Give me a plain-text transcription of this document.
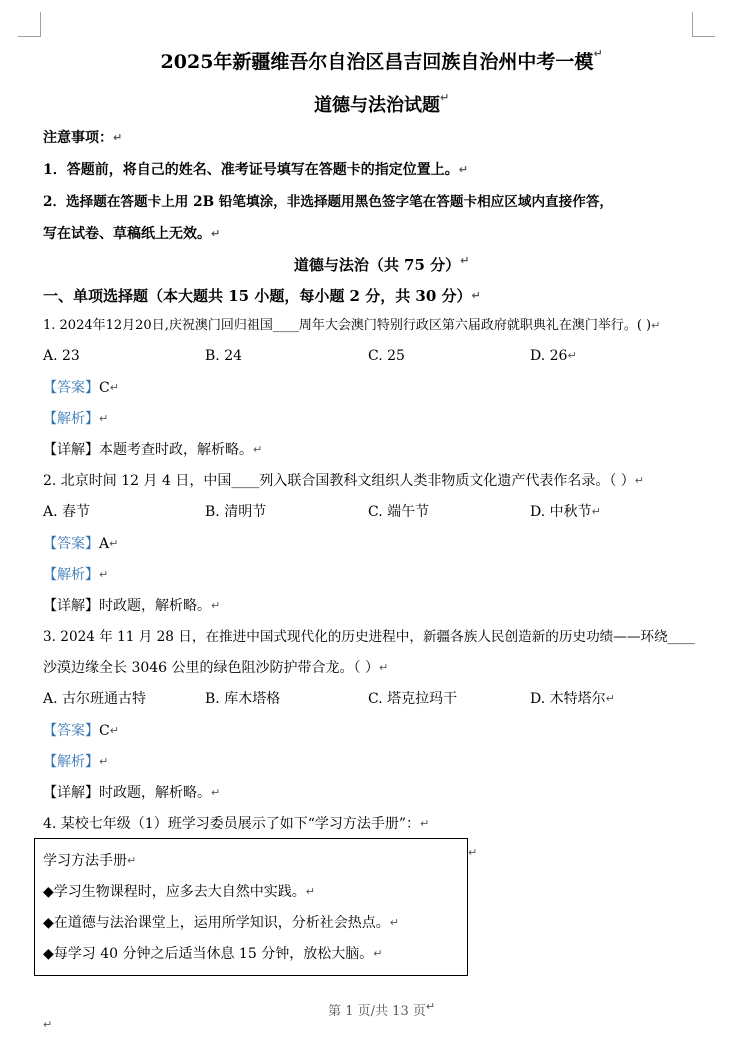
2025年新疆维吾尔自治区昌吉回族自治州中考一模 ↵
道德与法治试题 ↵
注意事项： ↵
1．答题前，将自己的姓名、准考证号填写在答题卡的指定位置上。 ↵
2．选择题在答题卡上用 2B 铅笔填涂，非选择题用黑色签字笔在答题卡相应区域内直接作答，
写在试卷、草稿纸上无效。 ↵
道德与法治（共 75 分） ↵
一、单项选择题（本大题共 15 小题，每小题 2 分，共 30 分） ↵
1. 2024年12月20日,庆祝澳门回归祖国____周年大会澳门特别行政区第六届政府就职典礼在澳门举行。( ) ↵
A. 23	B. 24	C. 25	D. 26 ↵
【答案】C ↵
【解析】 ↵
【详解】本题考查时政，解析略。 ↵
2. 北京时间 12 月 4 日，中国____列入联合国教科文组织人类非物质文化遗产代表作名录。（ ） ↵
A. 春节	B. 清明节	C. 端午节	D. 中秋节 ↵
【答案】A ↵
【解析】 ↵
【详解】时政题，解析略。 ↵
3. 2024 年 11 月 28 日，在推进中国式现代化的历史进程中，新疆各族人民创造新的历史功绩——环绕____
沙漠边缘全长 3046 公里的绿色阻沙防护带合龙。（ ） ↵
A. 古尔班通古特	B. 库木塔格	C. 塔克拉玛干	D. 木特塔尔 ↵
【答案】C ↵
【解析】 ↵
【详解】时政题，解析略。 ↵
4. 某校七年级（1）班学习委员展示了如下“学习方法手册”： ↵
学习方法手册 ↵
◆学习生物课程时，应多去大自然中实践。 ↵
◆在道德与法治课堂上，运用所学知识，分析社会热点。 ↵
◆每学习 40 分钟之后适当休息 15 分钟，放松大脑。 ↵
↵
第 1 页/共 13 页 ↵
↵
